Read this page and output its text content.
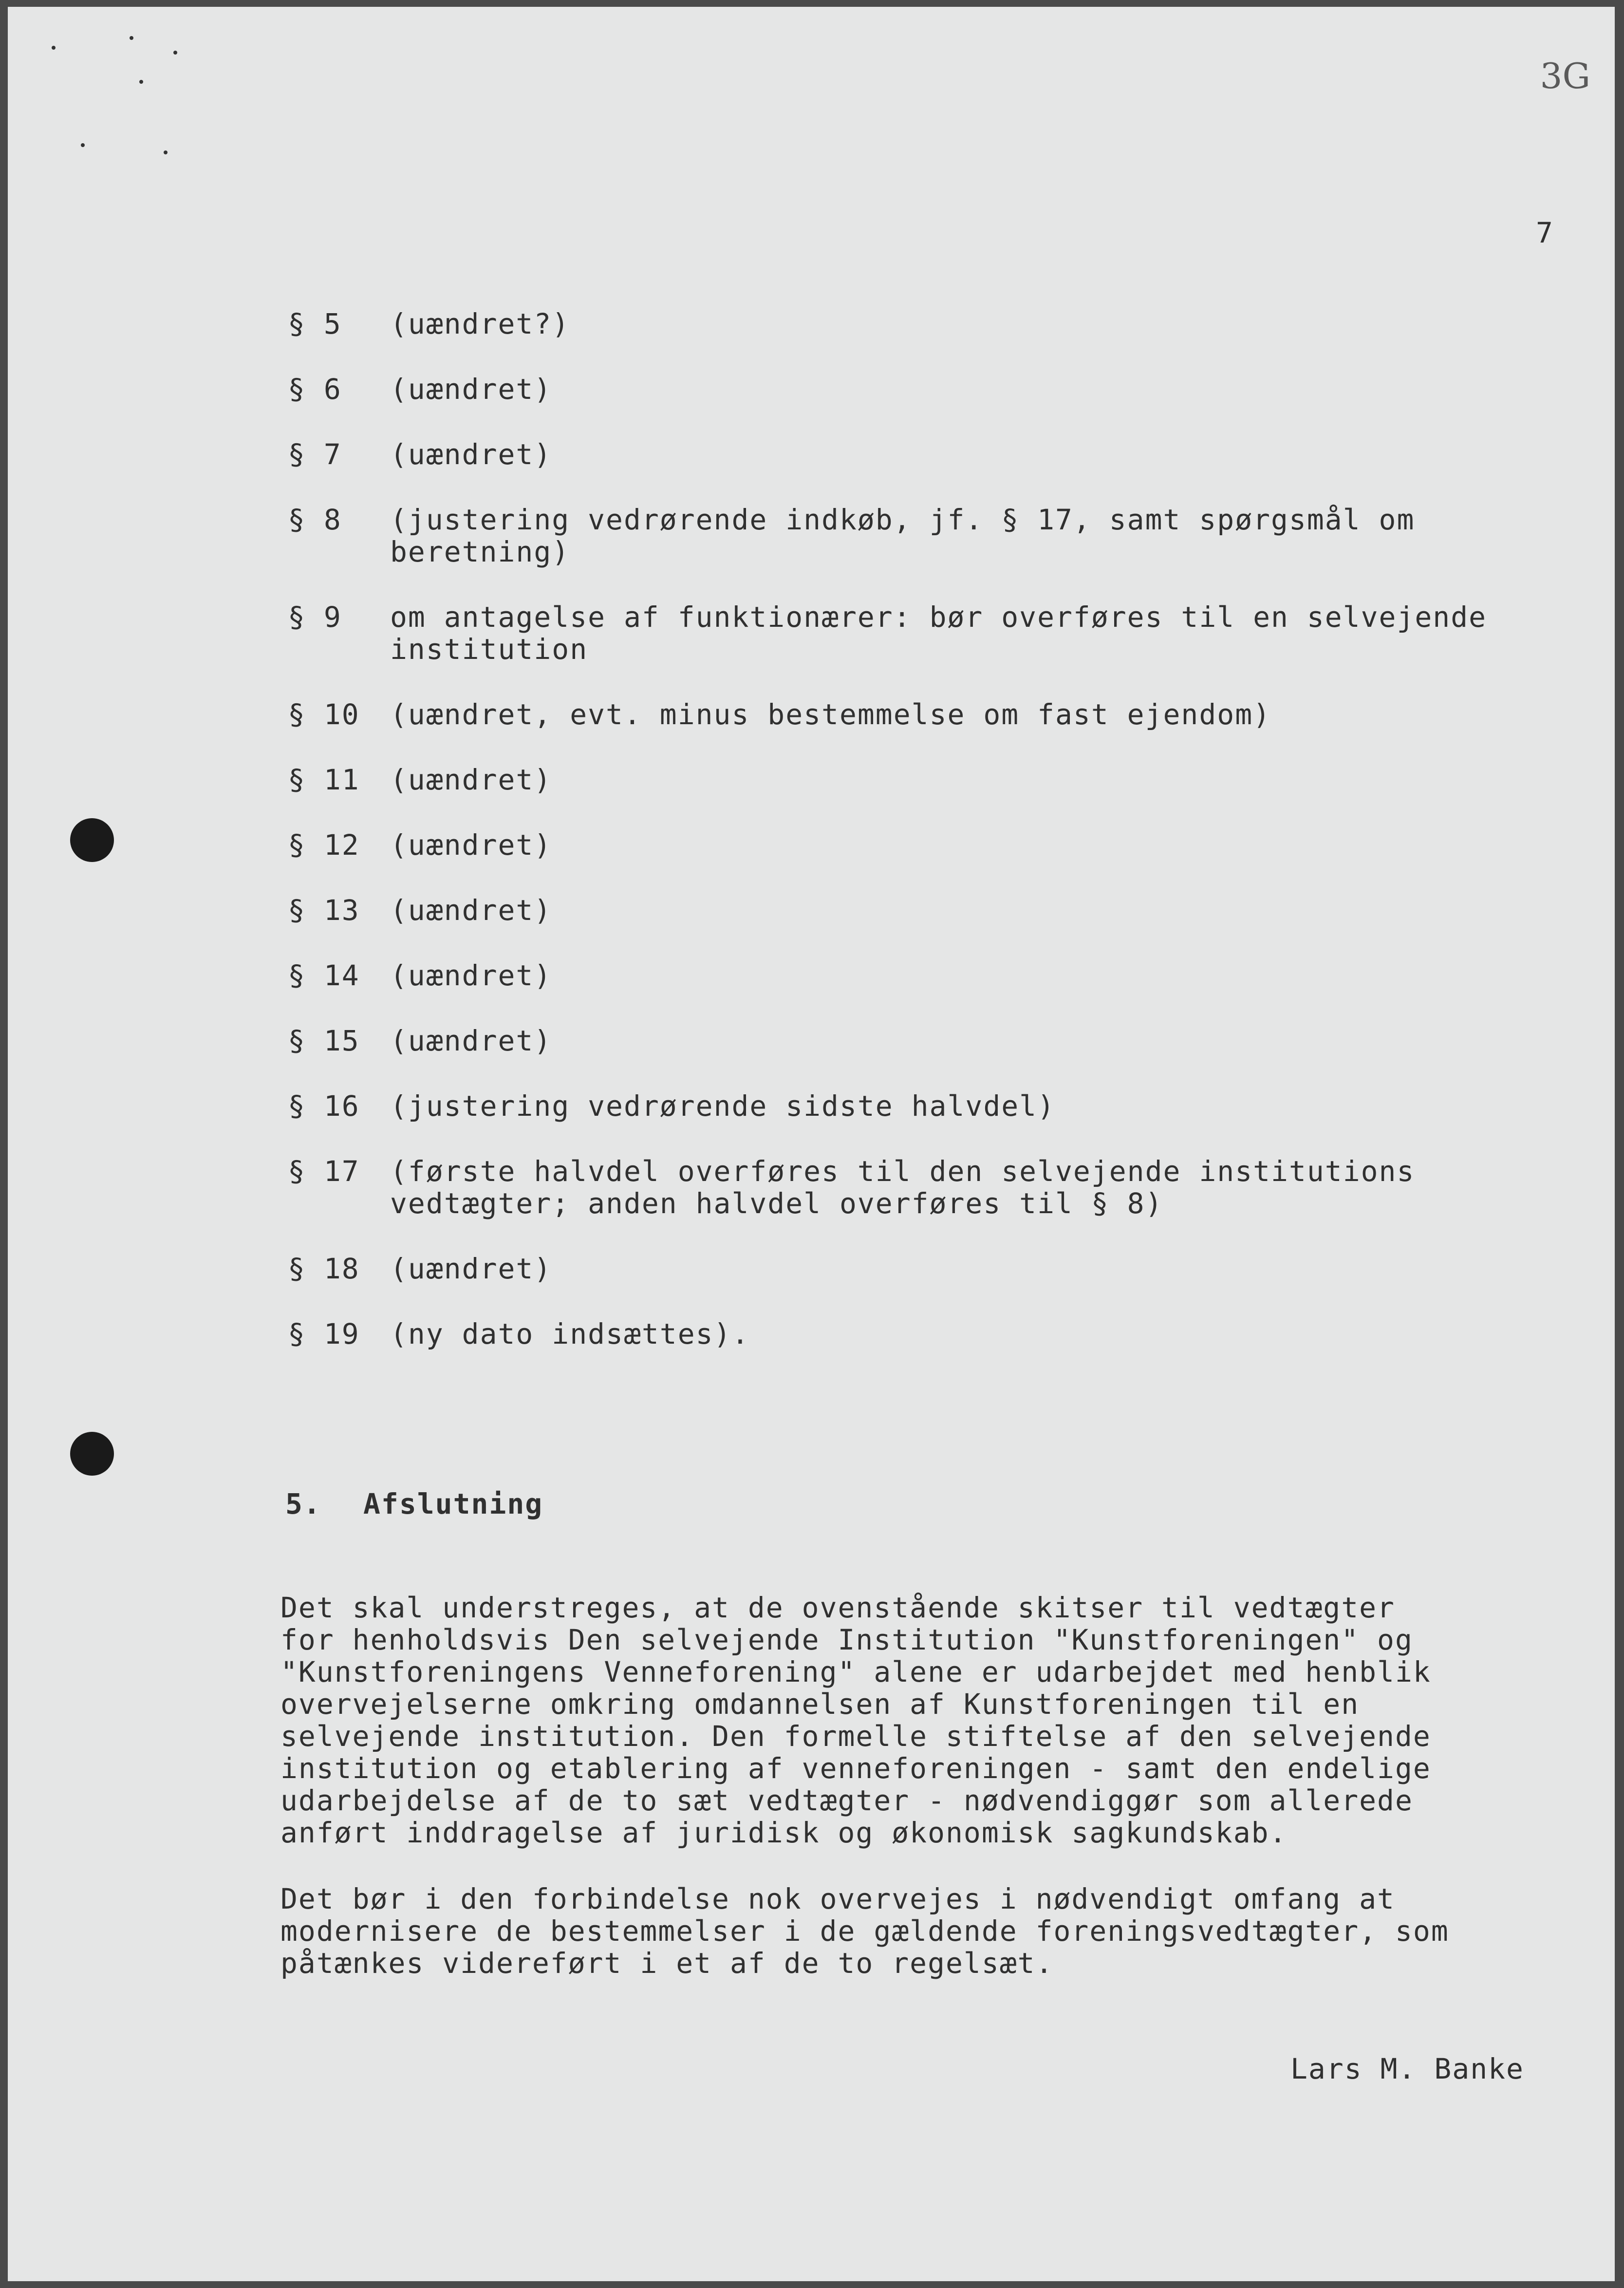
3G
7
§ 5	(uændret?)
§ 6	(uændret)
§ 7	(uændret)
§ 8	(justering vedrørende indkøb, jf. § 17, samt spørgsmål om beretning)
§ 9	om antagelse af funktionærer: bør overføres til en selvejende institution
§ 10	(uændret, evt. minus bestemmelse om fast ejendom)
§ 11	(uændret)
§ 12	(uændret)
§ 13	(uændret)
§ 14	(uændret)
§ 15	(uændret)
§ 16	(justering vedrørende sidste halvdel)
§ 17	(første halvdel overføres til den selvejende institutions vedtægter; anden halvdel overføres til § 8)
§ 18	(uændret)
§ 19	(ny dato indsættes).
5. Afslutning
Det skal understreges, at de ovenstående skitser til vedtægter
for henholdsvis Den selvejende Institution "Kunstforeningen" og
"Kunstforeningens Venneforening" alene er udarbejdet med henblik
overvejelserne omkring omdannelsen af Kunstforeningen til en
selvejende institution. Den formelle stiftelse af den selvejende
institution og etablering af venneforeningen - samt den endelige
udarbejdelse af de to sæt vedtægter - nødvendiggør som allerede
anført inddragelse af juridisk og økonomisk sagkundskab.
Det bør i den forbindelse nok overvejes i nødvendigt omfang at
modernisere de bestemmelser i de gældende foreningsvedtægter, som
påtænkes videreført i et af de to regelsæt.
Lars M. Banke
